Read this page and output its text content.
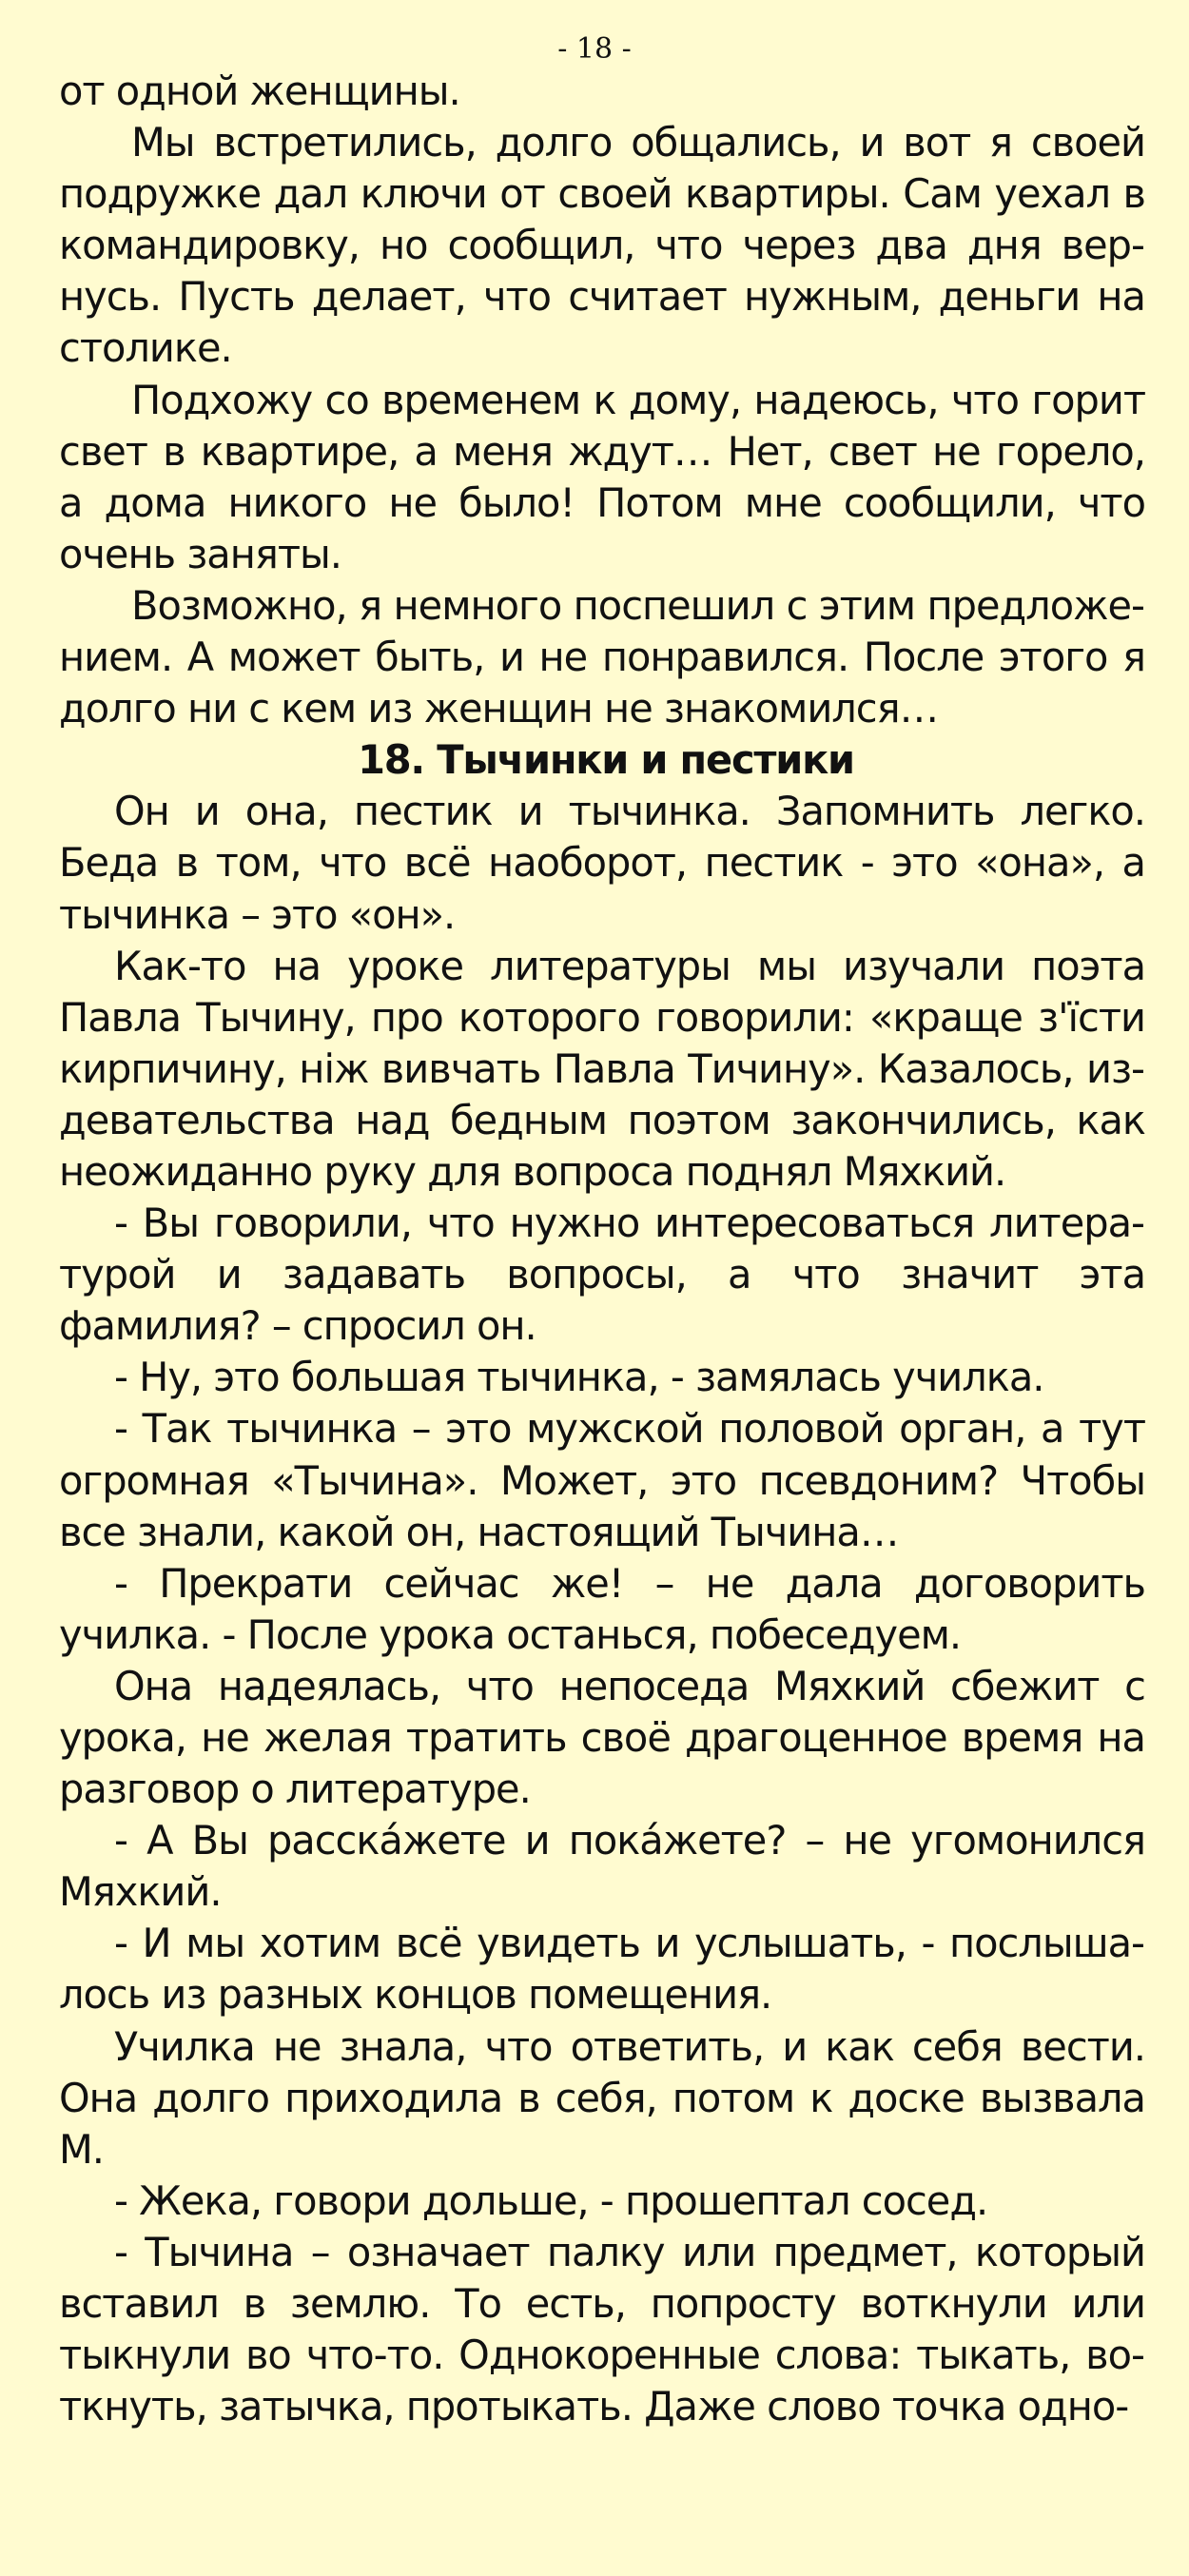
- 18 -

от одной женщины.

Мы встретились, долго общались, и вот я своей подружке дал ключи от своей квартиры. Сам уехал в командировку, но сообщил, что через два дня вернусь. Пусть делает, что считает нужным, деньги на столике.

Подхожу со временем к дому, надеюсь, что горит свет в квартире, а меня ждут… Нет, свет не горело, а дома никого не было! Потом мне сообщили, что очень заняты.

Возможно, я немного поспешил с этим предложением. А может быть, и не понравился. После этого я долго ни с кем из женщин не знакомился…

18. Тычинки и пестики

Он и она, пестик и тычинка. Запомнить легко. Беда в том, что всё наоборот, пестик - это «она», а тычинка – это «он».

Как-то на уроке литературы мы изучали поэта Павла Тычину, про которого говорили: «краще з'їсти кирпичину, ніж вивчать Павла Тичину». Казалось, издевательства над бедным поэтом закончились, как неожиданно руку для вопроса поднял Мяхкий.

- Вы говорили, что нужно интересоваться литературой и задавать вопросы, а что значит эта фамилия? – спросил он.

- Ну, это большая тычинка, - замялась училка.

- Так тычинка – это мужской половой орган, а тут огромная «Тычина». Может, это псевдоним? Чтобы все знали, какой он, настоящий Тычина…

- Прекрати сейчас же! – не дала договорить училка. - После урока останься, побеседуем.

Она надеялась, что непоседа Мяхкий сбежит с урока, не желая тратить своё драгоценное время на разговор о литературе.

- А Вы расска́жете и пока́жете? – не угомонился Мяхкий.

- И мы хотим всё увидеть и услышать, - послышалось из разных концов помещения.

Училка не знала, что ответить, и как себя вести. Она долго приходила в себя, потом к доске вызвала М.

- Жека, говори дольше, - прошептал сосед.

- Тычина – означает палку или предмет, который вставил в землю. То есть, попросту воткнули или тыкнули во что-то. Однокоренные слова: тыкать, воткнуть, затычка, протыкать. Даже слово точка одно-
